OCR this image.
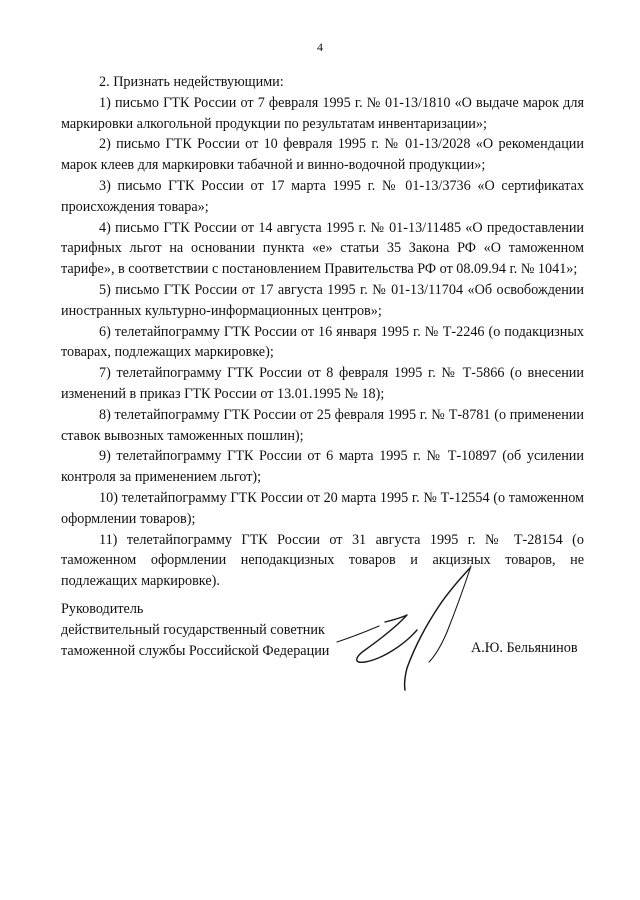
4

2. Признать недействующими:

1) письмо ГТК России от 7 февраля 1995 г. № 01-13/1810 «О выдаче марок для маркировки алкогольной продукции по результатам инвентаризации»;

2) письмо ГТК России от 10 февраля 1995 г. № 01-13/2028 «О рекомендации марок клеев для маркировки табачной и винно-водочной продукции»;

3) письмо ГТК России от 17 марта 1995 г. № 01-13/3736 «О сертификатах происхождения товара»;

4) письмо ГТК России от 14 августа 1995 г. № 01-13/11485 «О предоставлении тарифных льгот на основании пункта «е» статьи 35 Закона РФ «О таможенном тарифе», в соответствии с постановлением Правительства РФ от 08.09.94 г. № 1041»;

5) письмо ГТК России от 17 августа 1995 г. № 01-13/11704 «Об освобождении иностранных культурно-информационных центров»;

6) телетайпограмму ГТК России от 16 января 1995 г. № Т-2246 (о подакцизных товарах, подлежащих маркировке);

7) телетайпограмму ГТК России от 8 февраля 1995 г. № Т-5866 (о внесении изменений в приказ ГТК России от 13.01.1995 № 18);

8) телетайпограмму ГТК России от 25 февраля 1995 г. № Т-8781 (о применении ставок вывозных таможенных пошлин);

9) телетайпограмму ГТК России от 6 марта 1995 г. № Т-10897 (об усилении контроля за применением льгот);

10) телетайпограмму ГТК России от 20 марта 1995 г. № Т-12554 (о таможенном оформлении товаров);

11) телетайпограмму ГТК России от 31 августа 1995 г. № Т-28154 (о таможенном оформлении неподакцизных товаров и акцизных товаров, не подлежащих маркировке).

Руководитель
действительный государственный советник
таможенной службы Российской Федерации	А.Ю. Бельянинов
